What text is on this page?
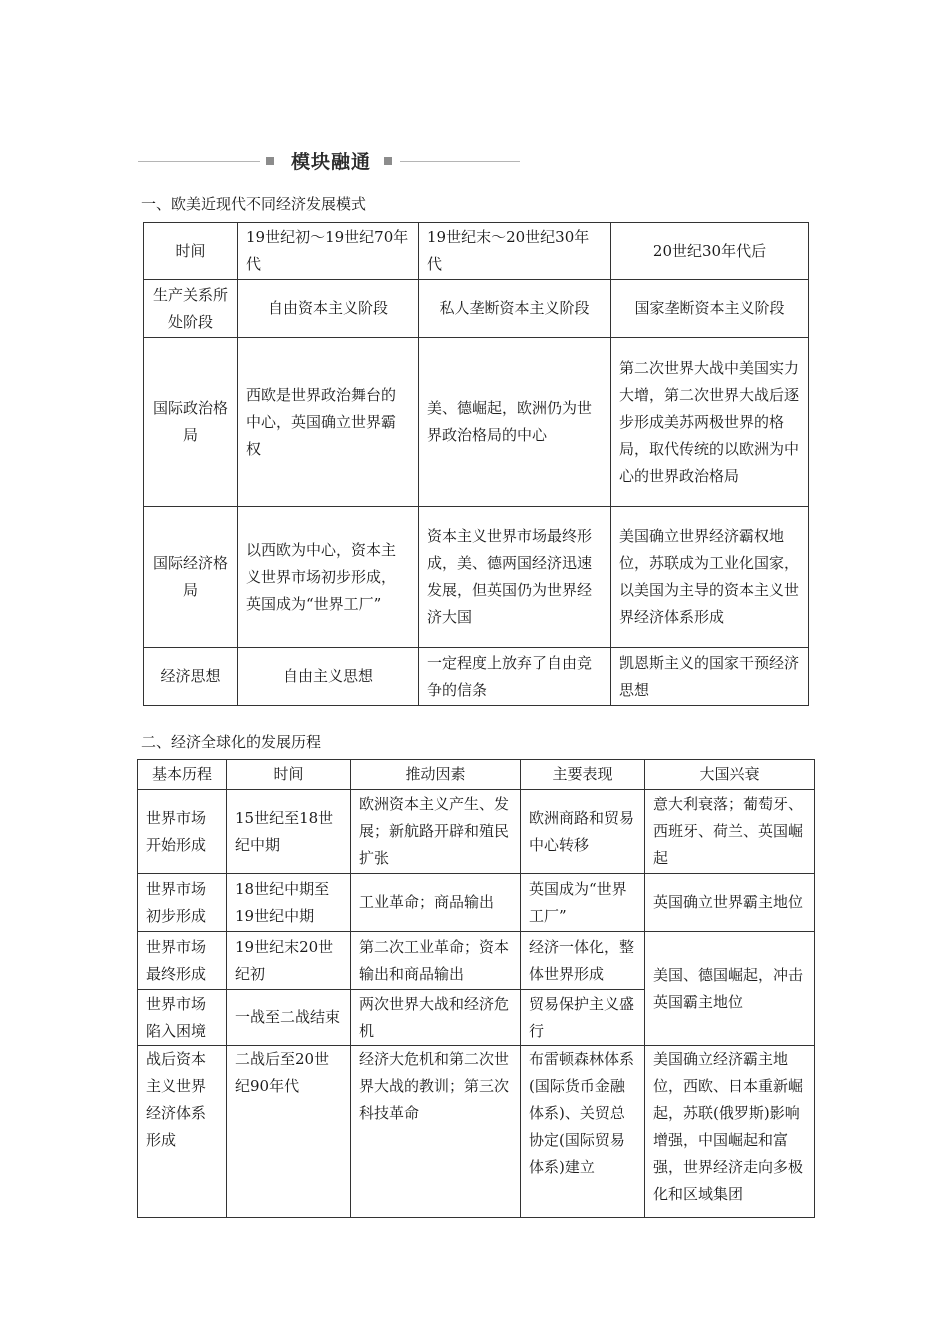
模块融通
一、欧美近现代不同经济发展模式
时间	19世纪初～19世纪70年代	19世纪末～20世纪30年代	20世纪30年代后
生产关系所处阶段	自由资本主义阶段	私人垄断资本主义阶段	国家垄断资本主义阶段
国际政治格局	西欧是世界政治舞台的中心，英国确立世界霸权	美、德崛起，欧洲仍为世界政治格局的中心	第二次世界大战中美国实力大增，第二次世界大战后逐步形成美苏两极世界的格局，取代传统的以欧洲为中心的世界政治格局
国际经济格局	以西欧为中心，资本主义世界市场初步形成，英国成为“世界工厂”	资本主义世界市场最终形成，美、德两国经济迅速发展，但英国仍为世界经济大国	美国确立世界经济霸权地位，苏联成为工业化国家，以美国为主导的资本主义世界经济体系形成
经济思想	自由主义思想	一定程度上放弃了自由竞争的信条	凯恩斯主义的国家干预经济思想
二、经济全球化的发展历程
基本历程	时间	推动因素	主要表现	大国兴衰
世界市场开始形成	15世纪至18世纪中期	欧洲资本主义产生、发展；新航路开辟和殖民扩张	欧洲商路和贸易中心转移	意大利衰落；葡萄牙、西班牙、荷兰、英国崛起
世界市场初步形成	18世纪中期至19世纪中期	工业革命；商品输出	英国成为“世界工厂”	英国确立世界霸主地位
世界市场最终形成	19世纪末20世纪初	第二次工业革命；资本输出和商品输出	经济一体化，整体世界形成	美国、德国崛起，冲击英国霸主地位
世界市场陷入困境	一战至二战结束	两次世界大战和经济危机	贸易保护主义盛行	
战后资本主义世界经济体系形成	二战后至20世纪90年代	经济大危机和第二次世界大战的教训；第三次科技革命	布雷顿森林体系(国际货币金融体系)、关贸总协定(国际贸易体系)建立	美国确立经济霸主地位，西欧、日本重新崛起，苏联(俄罗斯)影响增强，中国崛起和富强，世界经济走向多极化和区域集团
